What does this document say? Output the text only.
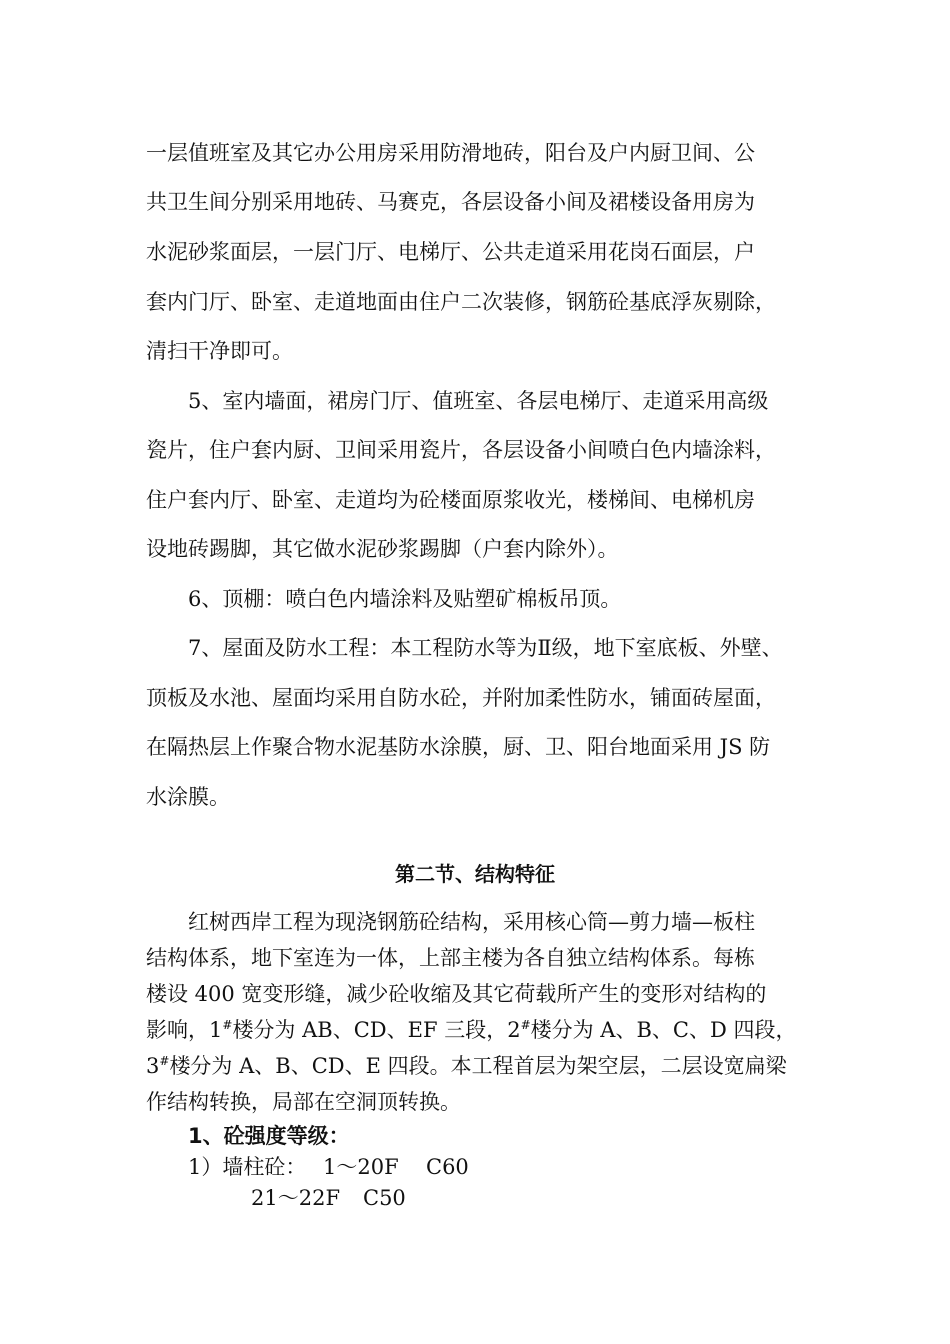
一层值班室及其它办公用房采用防滑地砖，阳台及户内厨卫间、公
共卫生间分别采用地砖、马赛克，各层设备小间及裙楼设备用房为
水泥砂浆面层，一层门厅、电梯厅、公共走道采用花岗石面层，户
套内门厅、卧室、走道地面由住户二次装修，钢筋砼基底浮灰剔除，
清扫干净即可。
5、室内墙面，裙房门厅、值班室、各层电梯厅、走道采用高级
瓷片，住户套内厨、卫间采用瓷片，各层设备小间喷白色内墙涂料，
住户套内厅、卧室、走道均为砼楼面原浆收光，楼梯间、电梯机房
设地砖踢脚，其它做水泥砂浆踢脚（户套内除外）。
6、顶棚：喷白色内墙涂料及贴塑矿棉板吊顶。
7、屋面及防水工程：本工程防水等为Ⅱ级，地下室底板、外壁、
顶板及水池、屋面均采用自防水砼，并附加柔性防水，铺面砖屋面，
在隔热层上作聚合物水泥基防水涂膜，厨、卫、阳台地面采用 JS 防
水涂膜。
第二节、结构特征
红树西岸工程为现浇钢筋砼结构，采用核心筒—剪力墙—板柱
结构体系，地下室连为一体，上部主楼为各自独立结构体系。每栋
楼设 400 宽变形缝，减少砼收缩及其它荷载所产生的变形对结构的
影响，1#楼分为 AB、CD、EF 三段，2#楼分为 A、B、C、D 四段，
3#楼分为 A、B、CD、E 四段。本工程首层为架空层，二层设宽扁梁
作结构转换，局部在空洞顶转换。
1、砼强度等级：
1）墙柱砼： 1～20F C60
21～22F C50
